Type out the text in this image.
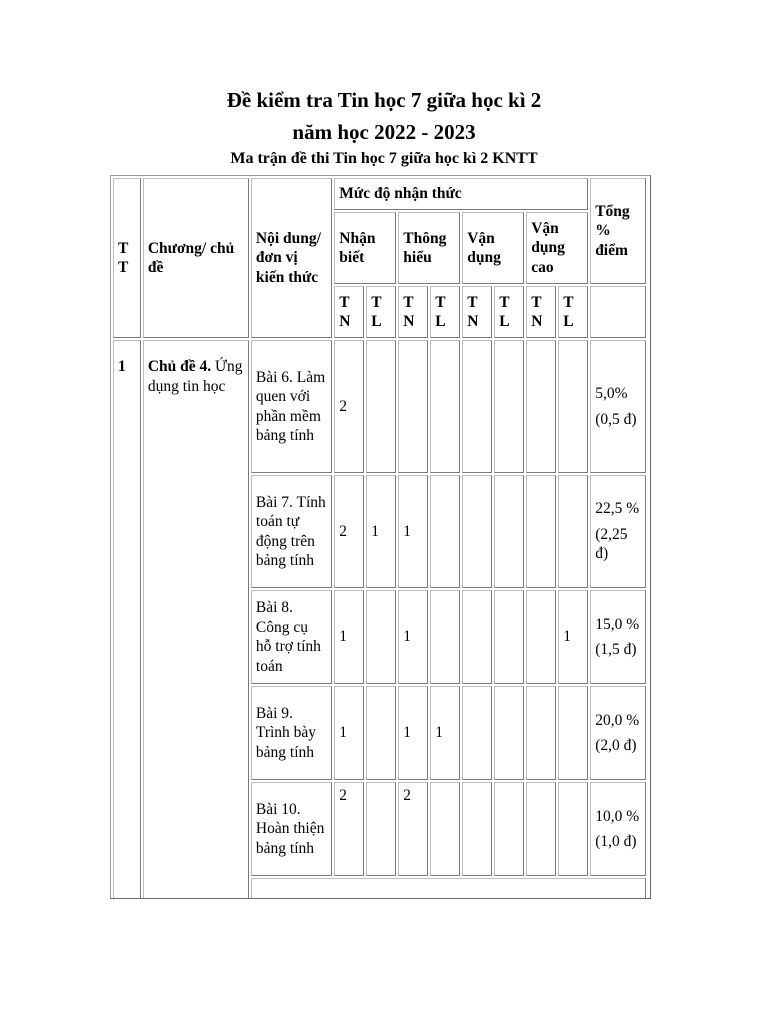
Đề kiểm tra Tin học 7 giữa học kì 2
năm học 2022 - 2023
Ma trận đề thi Tin học 7 giữa học kì 2 KNTT
TT	Chương/ chủ đề	Nội dung/đơn vị kiến thức	Mức độ nhận thức								Tổng % điểm
			Nhận biết		Thông hiểu		Vận dụng		Vận dụng cao		
			TN	TL	TN	TL	TN	TL	TN	TL	
1	Chủ đề 4. Ứng dụng tin học	Bài 6. Làm quen với phần mềm bảng tính	2								5,0%

(0,5 đ)

		Bài 7. Tính toán tự động trên bảng tính	2	1	1						22,5 %

(2,25 đ)

		Bài 8. Công cụ hỗ trợ tính toán	1		1					1	15,0 %

(1,5 đ)

		Bài 9. Trình bày bảng tính	1		1	1					20,0 %

(2,0 đ)

		Bài 10. Hoàn thiện bảng tính	2		2						10,0 %

(1,0 đ)
